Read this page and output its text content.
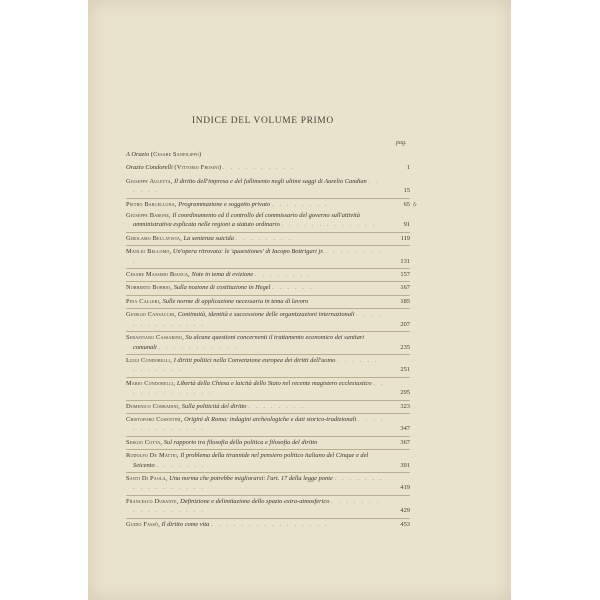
INDICE DEL VOLUME PRIMO
pag.
ᵹ.
A Orazio (Cesare Sanfilippo)
Orazio Condorelli (Vittorio Frosini) . . . . . . . . . .	1
Giuseppe Auletta, Il diritto dell'impresa e del fallimento negli ultimi saggi di Aurelio Candian . . . . . .	15
Pietro Barcellona, Programmazione e soggetto privato . . . . . . . .	65
Giuseppe Barone, Il coordinamento ed il controllo del commissario del governo sull'attività amministrativa esplicata nelle regioni a statuto ordinario . . . . . . . . . . . . .	91
Girolamo Bellavista, La sentenza suicida . . . . . . . .	119
Manlio Bellomo, Un'opera ritrovata: le 'quaestiones' di Iacopo Bottrigari jr. . . . . . . . . .	131
Cesare Massimo Bianca, Note in tema di evizione . . . . . . . .	157
Norberto Bobbio, Sulla nozione di costituzione in Hegel . . . . . .	167
Pina Calleri, Sulle norme di applicazione necessaria in tema di lavoro	185
Giorgio Cansacchi, Continuità, identità e successione delle organizzazioni internazionali . . . . . . . . . . . . . .	207
Sebastiano Cassarino, Su alcune questioni concernenti il trattamento economico dei sanitari comunali . . . . . . . . . . .	235
Luigi Condorelli, I diritti politici nella Convenzione europea dei diritti dell'uomo . . . . . . . . . . . . .	251
Mario Condorelli, Libertà della Chiesa e laicità dello Stato nel recente magistero ecclesiastico . . . . . . . . . . . . .	295
Domenico Corradini, Sulla politicità del diritto . . . . . . . .	323
Cristoforo Cosentini, Origini di Roma: indagini archeologiche e dati storico-tradizionali . . . . . . . . . . . . . .	347
Sergio Cotta, Sul rapporto tra filosofia della politica e filosofia del diritto	367
Rodolfo De Mattei, Il problema della tirannide nel pensiero politico italiano del Cinque e del Seicento . . . . . . .	391
Santi Di Paola, Una norma che potrebbe migliorarsi: l'art. 17 della legge ponte . . . . . . . . . . . . . . . . .	419
Francesco Durante, Definizione e delimitazione dello spazio extra-atmosferico . . . . . . . . . . . . . . . . .	429
Guido Fassò, Il diritto come vita . . . . . . . . . . . . . . . .	453
